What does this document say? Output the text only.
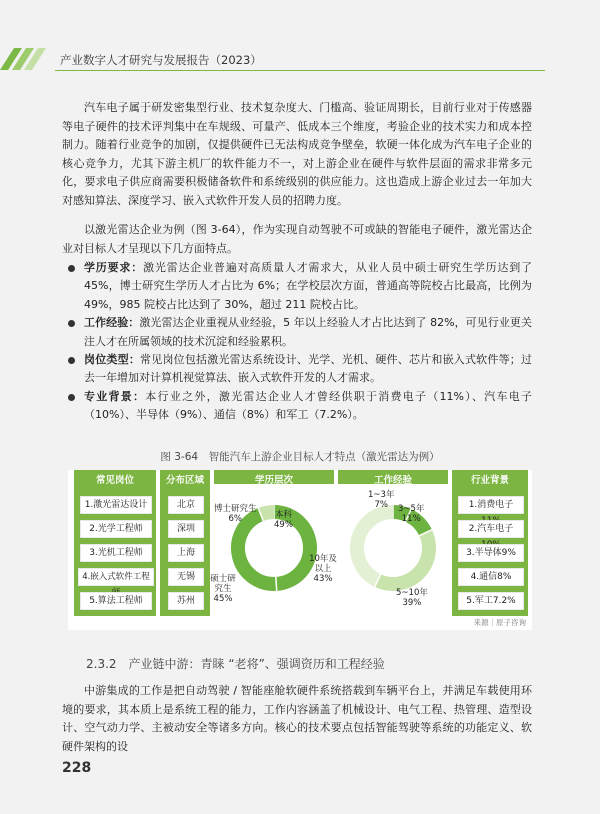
产业数字人才研究与发展报告（2023）

汽车电子属于研发密集型行业、技术复杂度大、门槛高、验证周期长，目前行业对于传感器等电子硬件的技术评判集中在车规级、可量产、低成本三个维度，考验企业的技术实力和成本控制力。随着行业竞争的加剧，仅提供硬件已无法构成竞争壁垒，软硬一体化成为汽车电子企业的核心竞争力，尤其下游主机厂的软件能力不一，对上游企业在硬件与软件层面的需求非常多元化，要求电子供应商需要积极储备软件和系统级别的供应能力。这也造成上游企业过去一年加大对感知算法、深度学习、嵌入式软件开发人员的招聘力度。

以激光雷达企业为例（图 3-64），作为实现自动驾驶不可或缺的智能电子硬件，激光雷达企业对目标人才呈现以下几方面特点。

学历要求：激光雷达企业普遍对高质量人才需求大，从业人员中硕士研究生学历达到了 45%，博士研究生学历人才占比为 6%；在学校层次方面，普通高等院校占比最高，比例为 49%，985 院校占比达到了 30%，超过 211 院校占比。
工作经验：激光雷达企业重视从业经验，5 年以上经验人才占比达到了 82%，可见行业更关注人才在所属领域的技术沉淀和经验累积。
岗位类型：常见岗位包括激光雷达系统设计、光学、光机、硬件、芯片和嵌入式软件等；过去一年增加对计算机视觉算法、嵌入式软件开发的人才需求。
专业背景：本行业之外，激光雷达企业人才曾经供职于消费电子（11%）、汽车电子（10%）、半导体（9%）、通信（8%）和军工（7.2%）。
图 3-64　智能汽车上游企业目标人才特点（激光雷达为例）
常见岗位
1.激光雷达设计
2.光学工程师
3.光机工程师
4.嵌入式软件工程
5.算法工程师
分布区域
北京
深圳
上海
无锡
苏州
学历层次
本科
49%
博士研究生
6%
硕士研究生
45%
工作经验
1~3年
7%	3~5年
11%
5~10年
39%
10年及以上
43%
行业背景
1.消费电子
2.汽车电子
3.半导体9%
4.通信8%
5.军工7.2%
来源｜原子咨询
2.3.2　产业链中游：青睐 “老将”、强调资历和工程经验

中游集成的工作是把自动驾驶 / 智能座舱软硬件系统搭载到车辆平台上，并满足车载使用环境的要求，其本质上是系统工程的能力，工作内容涵盖了机械设计、电气工程、热管理、造型设计、空气动力学、主被动安全等诸多方向。核心的技术要点包括智能驾驶等系统的功能定义、软硬件架构的设

228
